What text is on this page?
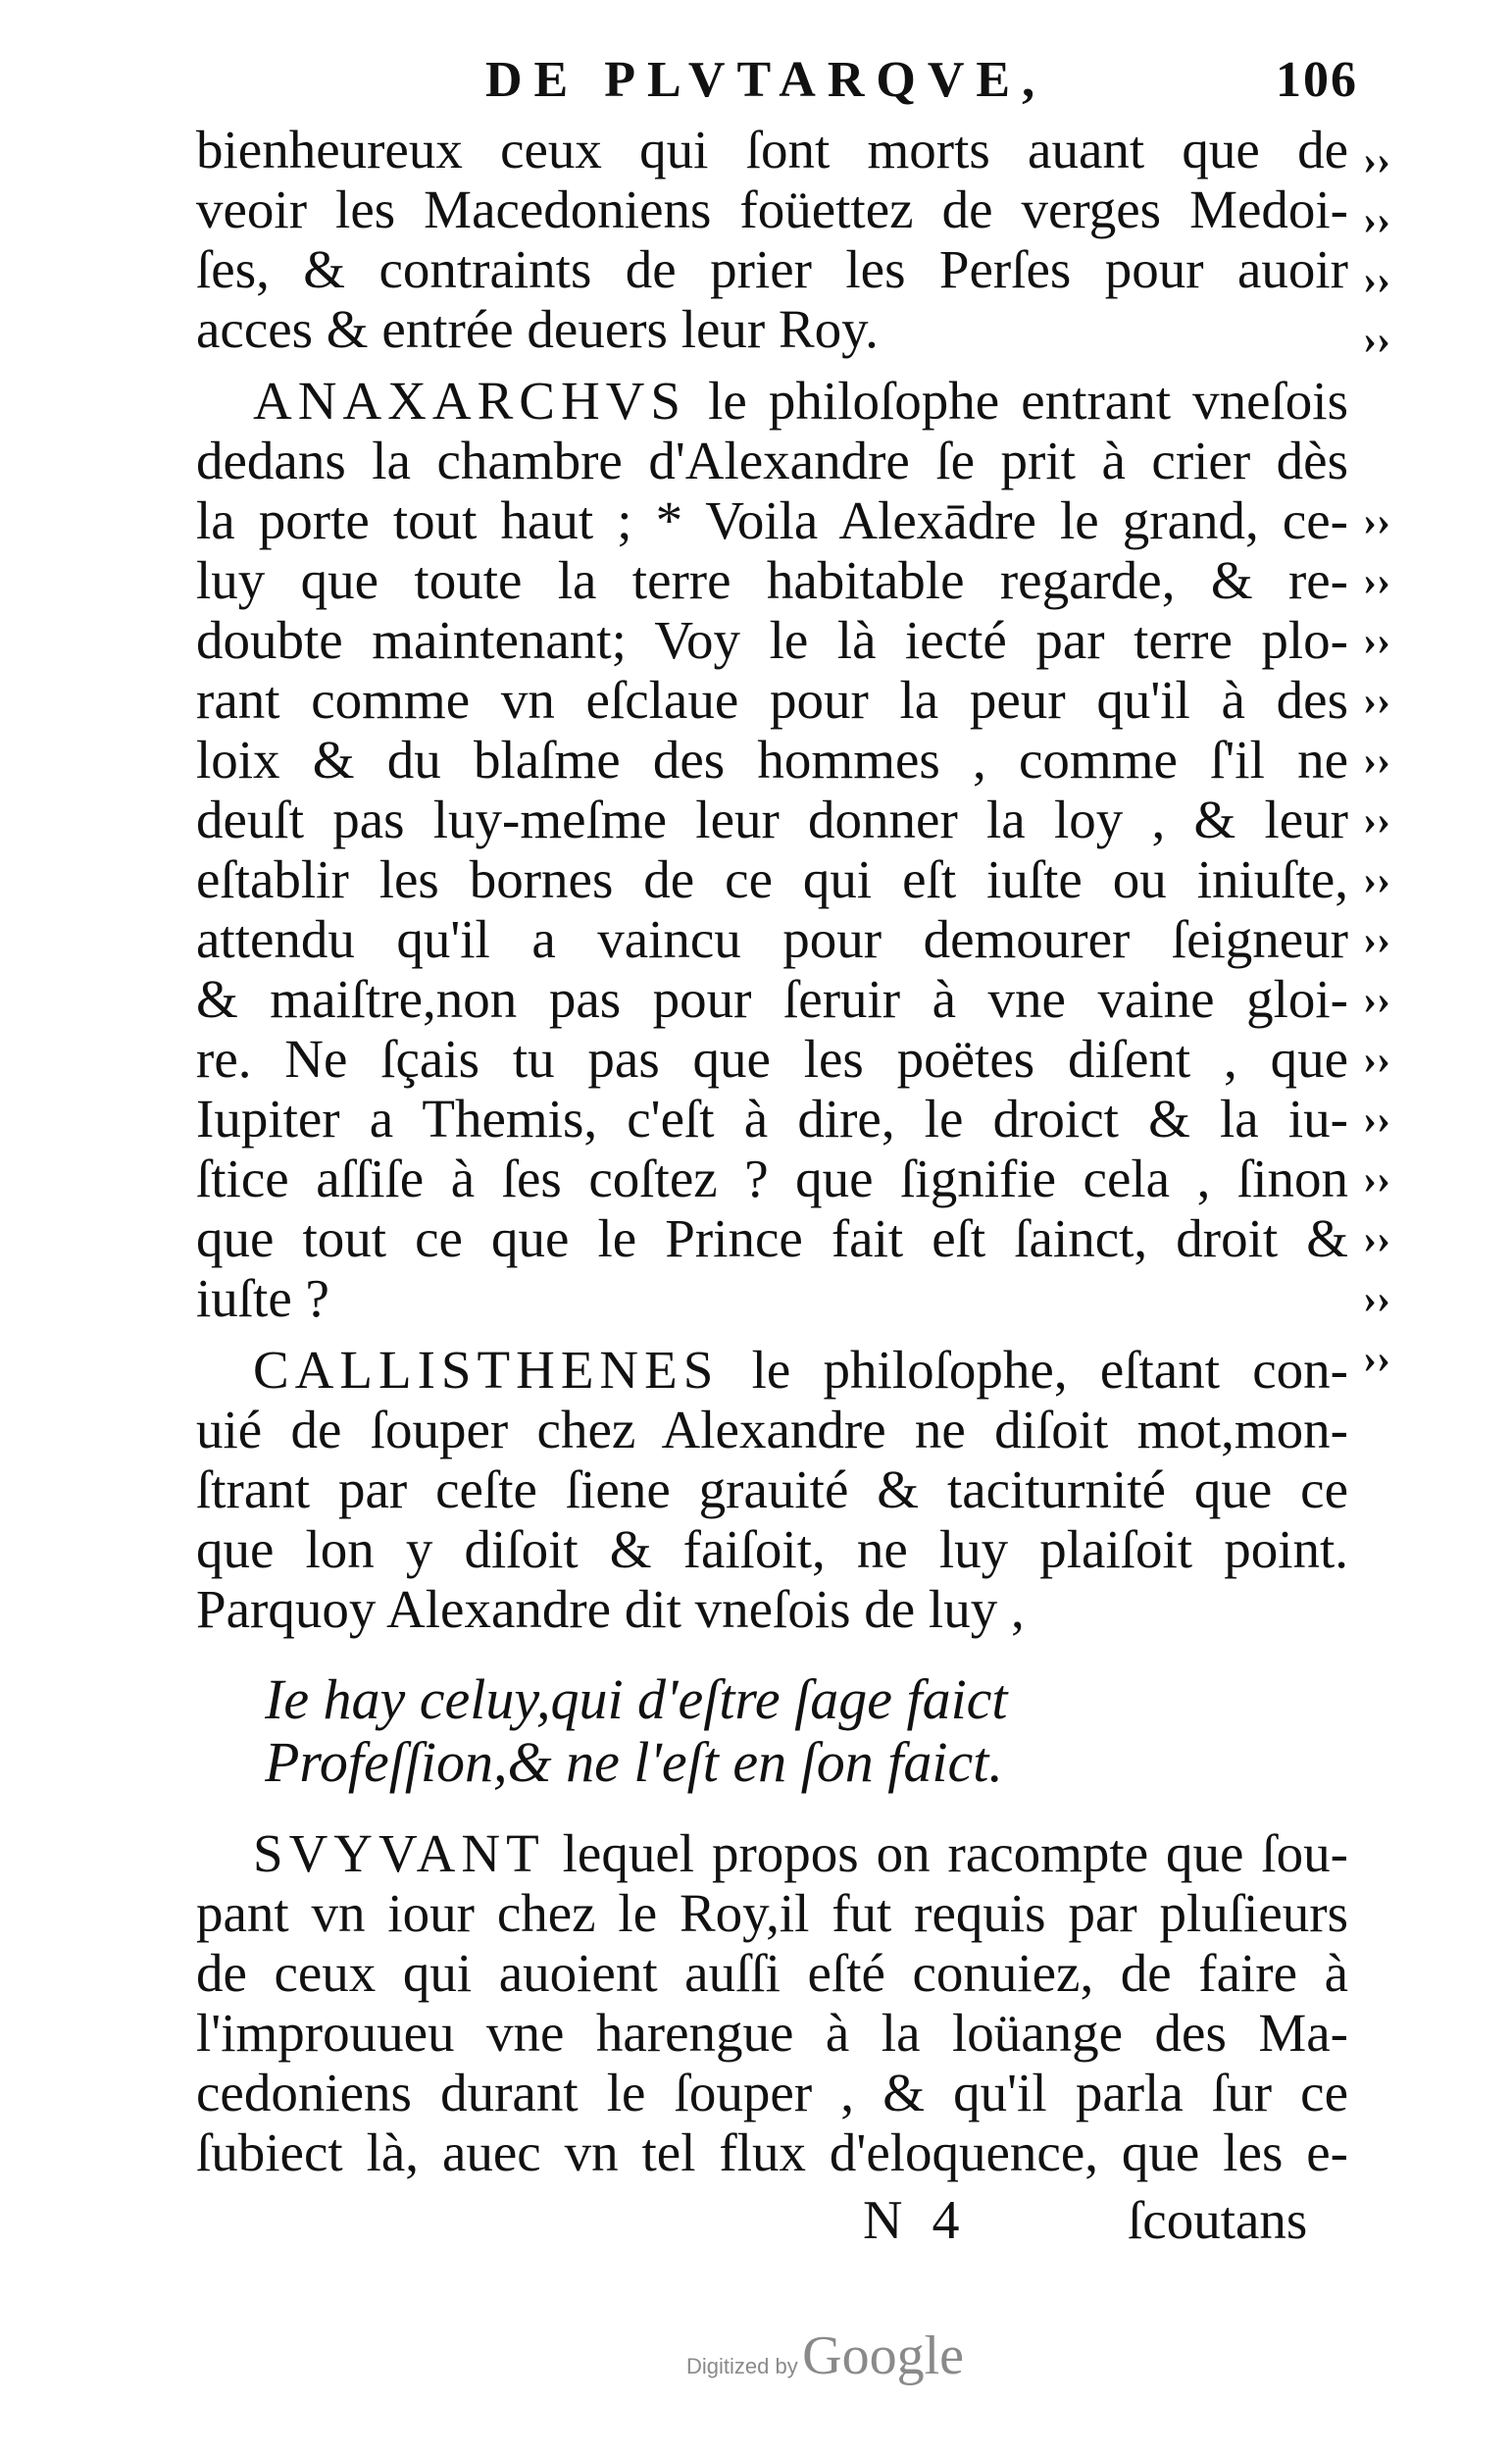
DE PLVTARQVE,	106
bienheureux ceux qui ſont morts auant que de
veoir les Macedoniens foüettez de verges Medoi-
ſes, & contraints de prier les Perſes pour auoir
acces & entrée deuers leur Roy.
ANAXARCHVS le philoſophe entrant vneſois
dedans la chambre d'Alexandre ſe prit à crier dès
la porte tout haut ; * Voila Alexādre le grand, ce-
luy que toute la terre habitable regarde, & re-
doubte maintenant; Voy le là iecté par terre plo-
rant comme vn eſclaue pour la peur qu'il à des
loix & du blaſme des hommes , comme ſ'il ne
deuſt pas luy-meſme leur donner la loy , & leur
eſtablir les bornes de ce qui eſt iuſte ou iniuſte,
attendu qu'il a vaincu pour demourer ſeigneur
& maiſtre,non pas pour ſeruir à vne vaine gloi-
re. Ne ſçais tu pas que les poëtes diſent , que
Iupiter a Themis, c'eſt à dire, le droict & la iu-
ſtice aſſiſe à ſes coſtez ? que ſignifie cela , ſinon
que tout ce que le Prince fait eſt ſainct, droit &
iuſte ?
CALLISTHENES le philoſophe, eſtant con-
uié de ſouper chez Alexandre ne diſoit mot,mon-
ſtrant par ceſte ſiene grauité & taciturnité que ce
que lon y diſoit & faiſoit, ne luy plaiſoit point.
Parquoy Alexandre dit vneſois de luy ,
Ie hay celuy,qui d'eſtre ſage faict
Profeſſion,& ne l'eſt en ſon faict.
SVYVANT lequel propos on racompte que ſou-
pant vn iour chez le Roy,il fut requis par pluſieurs
de ceux qui auoient auſſi eſté conuiez, de faire à
l'improuueu vne harengue à la loüange des Ma-
cedoniens durant le ſouper , & qu'il parla ſur ce
ſubiect là, auec vn tel flux d'eloquence, que les e-
››
››
››
››
››
››
››
››
››
››
››
››
››
››
››
››
››
››
››
N 4	ſcoutans
Digitized by Google
